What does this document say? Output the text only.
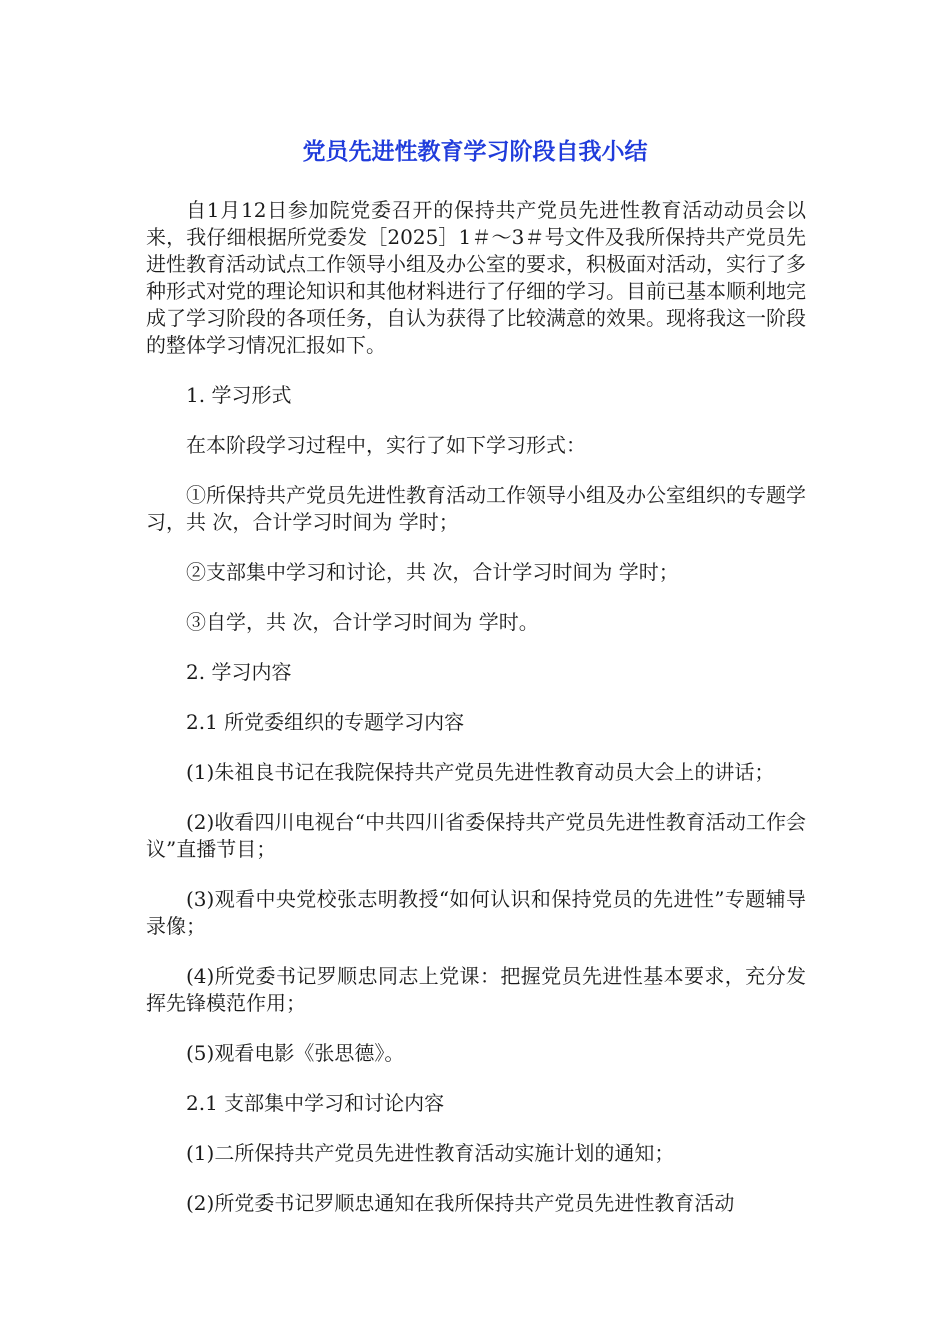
党员先进性教育学习阶段自我小结

自1月12日参加院党委召开的保持共产党员先进性教育活动动员会以来，我仔细根据所党委发［2025］1＃～3＃号文件及我所保持共产党员先进性教育活动试点工作领导小组及办公室的要求，积极面对活动，实行了多种形式对党的理论知识和其他材料进行了仔细的学习。目前已基本顺利地完成了学习阶段的各项任务，自认为获得了比较满意的效果。现将我这一阶段的整体学习情况汇报如下。

1. 学习形式

在本阶段学习过程中，实行了如下学习形式：

①所保持共产党员先进性教育活动工作领导小组及办公室组织的专题学习，共 次，合计学习时间为 学时；

②支部集中学习和讨论，共 次，合计学习时间为 学时；

③自学，共 次，合计学习时间为 学时。

2. 学习内容

2.1 所党委组织的专题学习内容

(1)朱祖良书记在我院保持共产党员先进性教育动员大会上的讲话；

(2)收看四川电视台“中共四川省委保持共产党员先进性教育活动工作会议”直播节目；

(3)观看中央党校张志明教授“如何认识和保持党员的先进性”专题辅导录像；

(4)所党委书记罗顺忠同志上党课：把握党员先进性基本要求，充分发挥先锋模范作用；

(5)观看电影《张思德》。

2.1 支部集中学习和讨论内容

(1)二所保持共产党员先进性教育活动实施计划的通知；

(2)所党委书记罗顺忠通知在我所保持共产党员先进性教育活动
